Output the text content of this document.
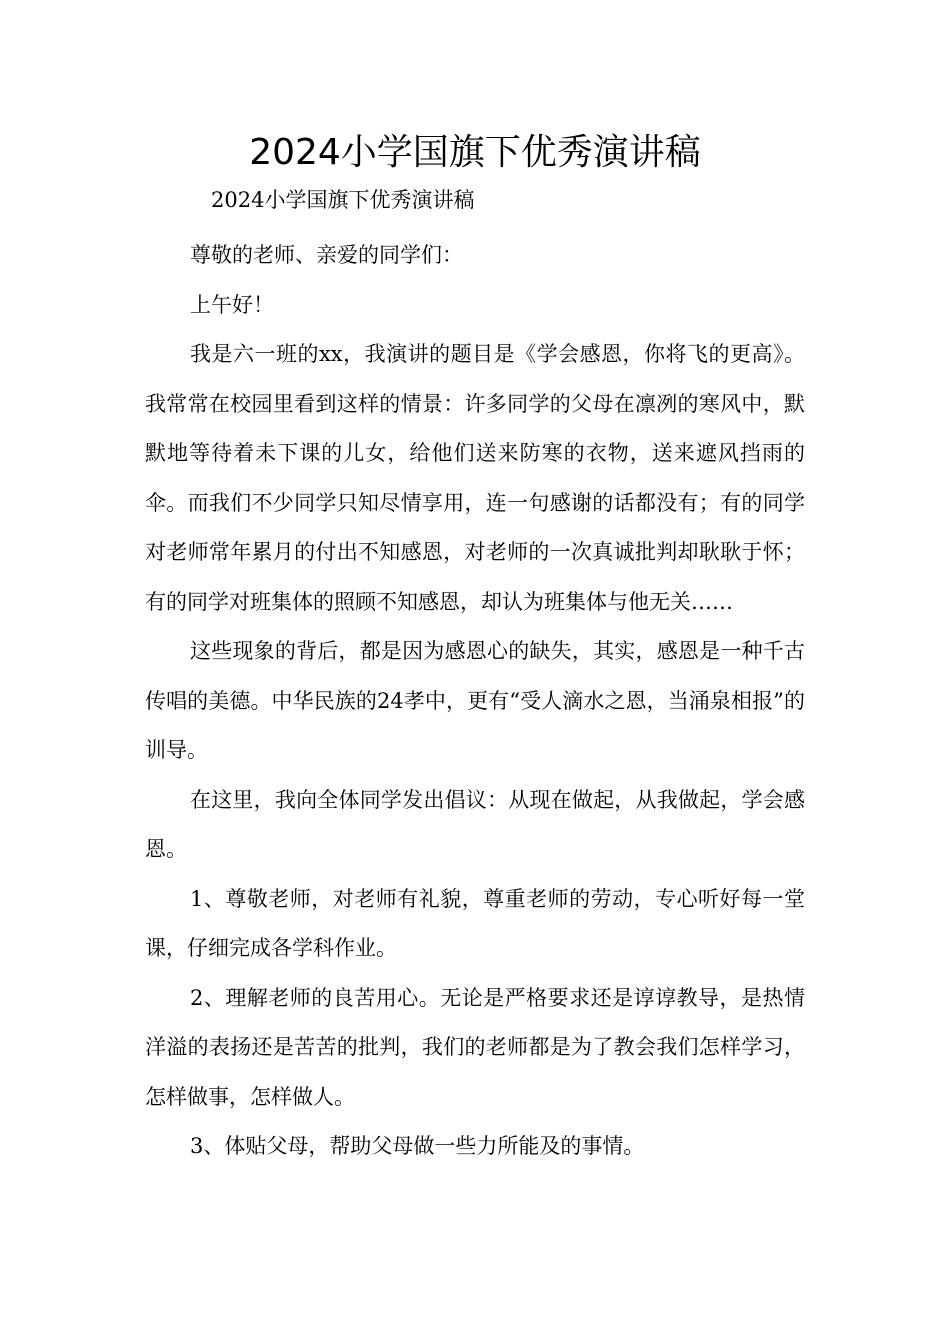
2024小学国旗下优秀演讲稿

2024小学国旗下优秀演讲稿

尊敬的老师、亲爱的同学们：

上午好！

我是六一班的xx，我演讲的题目是《学会感恩，你将飞的更高》。我常常在校园里看到这样的情景：许多同学的父母在凛冽的寒风中，默默地等待着未下课的儿女，给他们送来防寒的衣物，送来遮风挡雨的伞。而我们不少同学只知尽情享用，连一句感谢的话都没有；有的同学对老师常年累月的付出不知感恩，对老师的一次真诚批判却耿耿于怀；有的同学对班集体的照顾不知感恩，却认为班集体与他无关……

这些现象的背后，都是因为感恩心的缺失，其实，感恩是一种千古传唱的美德。中华民族的24孝中，更有“受人滴水之恩，当涌泉相报”的训导。

在这里，我向全体同学发出倡议：从现在做起，从我做起，学会感恩。

1、尊敬老师，对老师有礼貌，尊重老师的劳动，专心听好每一堂课，仔细完成各学科作业。

2、理解老师的良苦用心。无论是严格要求还是谆谆教导，是热情洋溢的表扬还是苦苦的批判，我们的老师都是为了教会我们怎样学习，怎样做事，怎样做人。

3、体贴父母，帮助父母做一些力所能及的事情。
